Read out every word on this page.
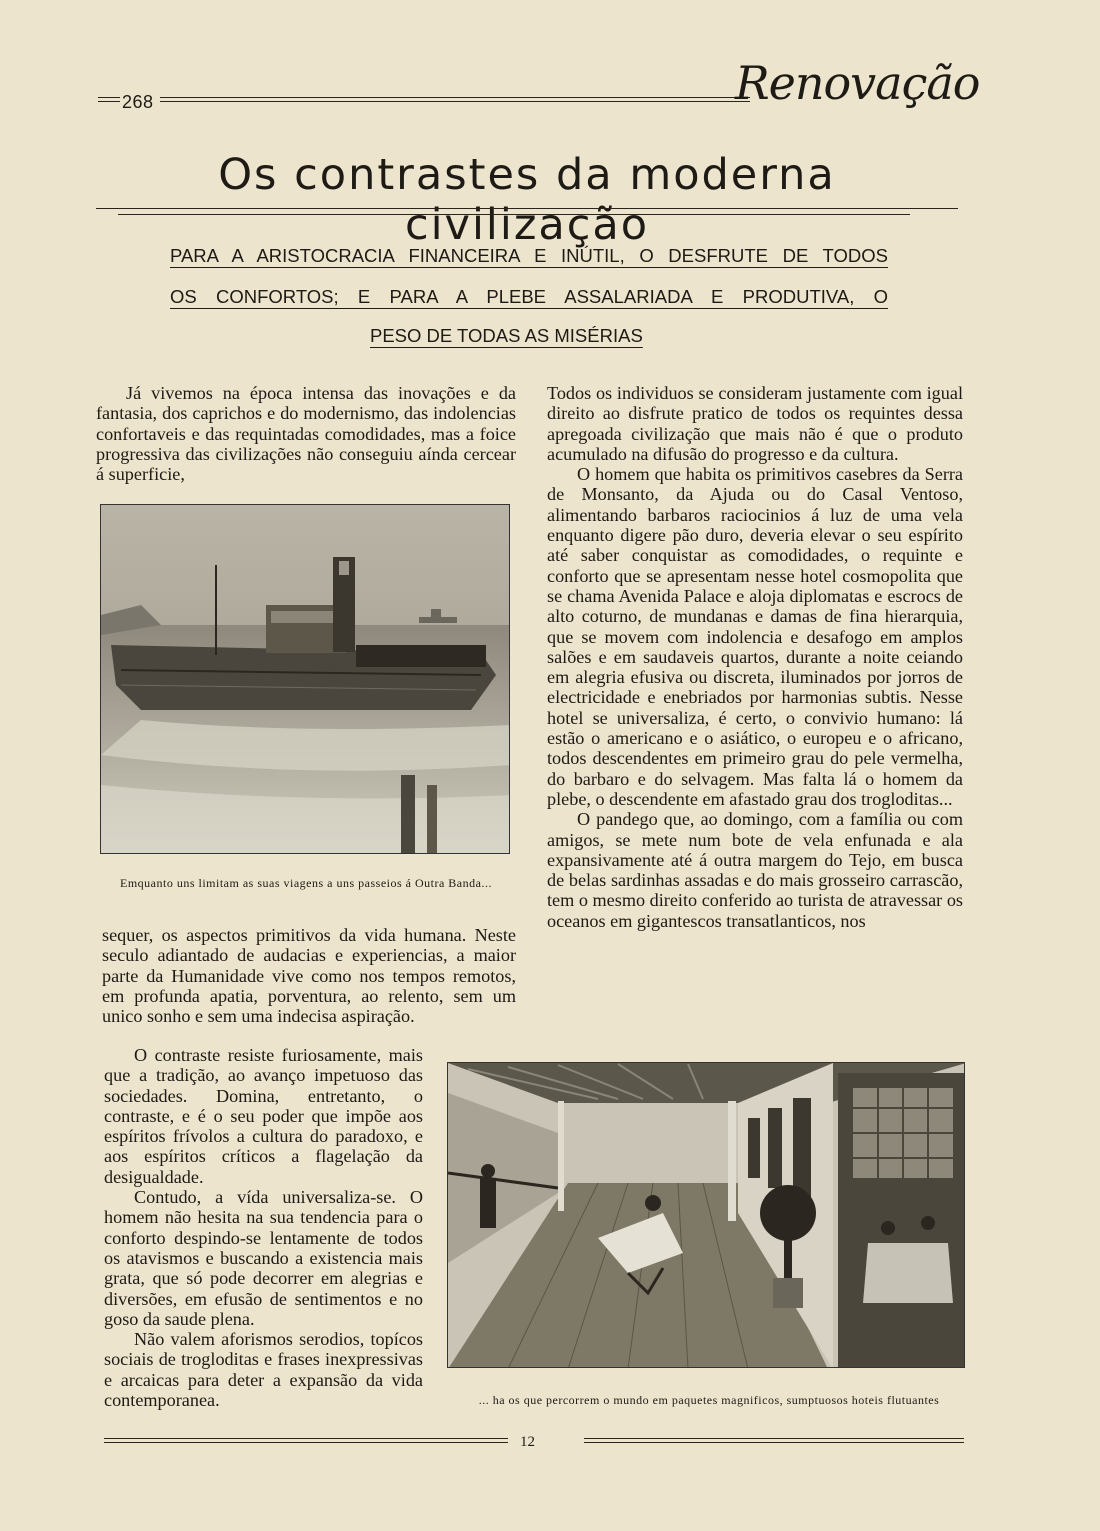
268	Renovação
Os contrastes da moderna civilização
PARA A ARISTOCRACIA FINANCEIRA E INÚTIL, O DESFRUTE DE TODOS
OS CONFORTOS; E PARA A PLEBE ASSALARIADA E PRODUTIVA, O
PESO DE TODAS AS MISÉRIAS

Já vivemos na época intensa das inovações e da fantasia, dos caprichos e do modernismo, das indolencias confortaveis e das requintadas comodidades, mas a foice progressiva das civilizações não conseguiu aínda cercear á superficie,

Emquanto uns limitam as suas viagens a uns passeios á Outra Banda...

sequer, os aspectos primitivos da vida humana. Neste seculo adiantado de audacias e experiencias, a maior parte da Humanidade vive como nos tempos remotos, em profunda apatia, porventura, ao relento, sem um unico sonho e sem uma indecisa aspiração.

O contraste resiste furiosamente, mais que a tradição, ao avanço impetuoso das sociedades. Domina, entretanto, o contraste, e é o seu poder que impõe aos espíritos frívolos a cultura do paradoxo, e aos espíritos críticos a flagelação da desigualdade.

Contudo, a vída universaliza-se. O homem não hesita na sua tendencia para o conforto despindo-se lentamente de todos os atavismos e buscando a existencia mais grata, que só pode decorrer em alegrias e diversões, em efusão de sentimentos e no goso da saude plena.

Não valem aforismos serodios, topícos sociais de trogloditas e frases inexpressivas e arcaicas para deter a expansão da vida contemporanea.

Todos os individuos se consideram justamente com igual direito ao disfrute pratico de todos os requintes dessa apregoada civilização que mais não é que o produto acumulado na difusão do progresso e da cultura.

O homem que habita os primitivos casebres da Serra de Monsanto, da Ajuda ou do Casal Ventoso, alimentando barbaros raciocinios á luz de uma vela enquanto digere pão duro, deveria elevar o seu espírito até saber conquistar as comodidades, o requinte e conforto que se apresentam nesse hotel cosmopolita que se chama Avenida Palace e aloja diplomatas e escrocs de alto coturno, de mundanas e damas de fina hierarquia, que se movem com indolencia e desafogo em amplos salões e em saudaveis quartos, durante a noite ceiando em alegria efusiva ou discreta, iluminados por jorros de electricidade e enebriados por harmonias subtis. Nesse hotel se universaliza, é certo, o convivio humano: lá estão o americano e o asiático, o europeu e o africano, todos descendentes em primeiro grau do pele vermelha, do barbaro e do selvagem. Mas falta lá o homem da plebe, o descendente em afastado grau dos trogloditas...

O pandego que, ao domingo, com a família ou com amigos, se mete num bote de vela enfunada e ala expansivamente até á outra margem do Tejo, em busca de belas sardinhas assadas e do mais grosseiro carrascão, tem o mesmo direito conferido ao turista de atravessar os oceanos em gigantescos transatlanticos, nos

... ha os que percorrem o mundo em paquetes magnificos, sumptuosos hoteis flutuantes
12
